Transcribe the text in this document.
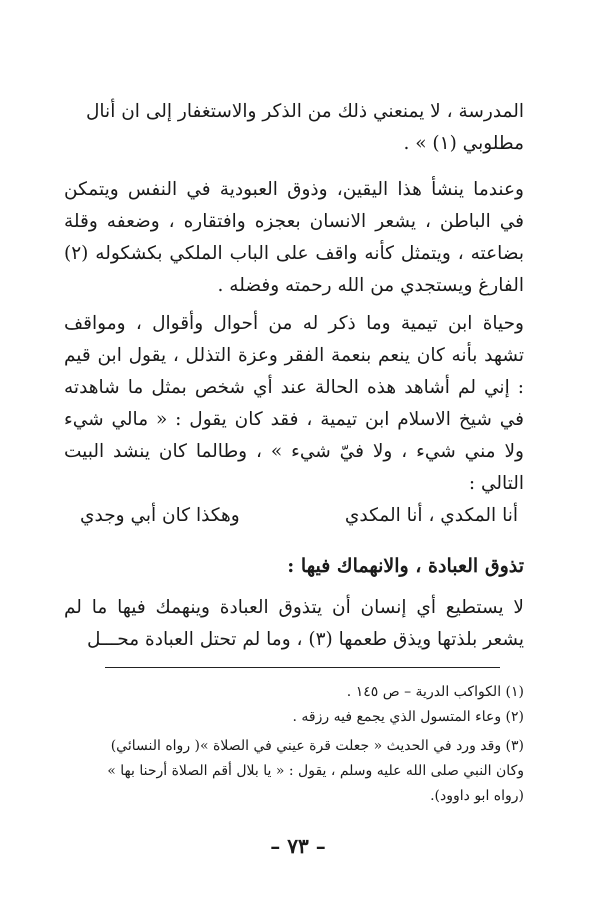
المدرسة ، لا يمنعني ذلك من الذكر والاستغفار إلى ان أنال

مطلوبي (١) » .

وعندما ينشأ هذا اليقين، وذوق العبودية في النفس ويتمكن في الباطن ، يشعر الانسان بعجزه وافتقاره ، وضعفه وقلة بضاعته ، ويتمثل كأنه واقف على الباب الملكي بكشكوله (٢) الفارغ ويستجدي من الله رحمته وفضله .

وحياة ابن تيمية وما ذكر له من أحوال وأقوال ، ومواقف تشهد بأنه كان ينعم بنعمة الفقر وعزة التذلل ، يقول ابن قيم : إني لم أشاهد هذه الحالة عند أي شخص بمثل ما شاهدته في شيخ الاسلام ابن تيمية ، فقد كان يقول : « مالي شيء ولا مني شيء ، ولا فيّ شيء » ، وطالما كان ينشد البيت التالي :

أنا المكدي ، أنا المكدي
وهكذا كان أبي وجدي
تذوق العبادة ، والانهماك فيها :

لا يستطيع أي إنسان أن يتذوق العبادة وينهمك فيها ما لم يشعر بلذتها ويذق طعمها (٣) ، وما لم تحتل العبادة محـــل

(١) الكواكب الدرية – ص ١٤٥ .

(٢) وعاء المتسول الذي يجمع فيه رزقه .

(٣) وقد ورد في الحديث « جعلت قرة عيني في الصلاة »( رواه النسائي)

وكان النبي صلى الله عليه وسلم ، يقول : « يا بلال أقم الصلاة أرحنا بها »

(رواه ابو داوود).

– ٧٣ –
